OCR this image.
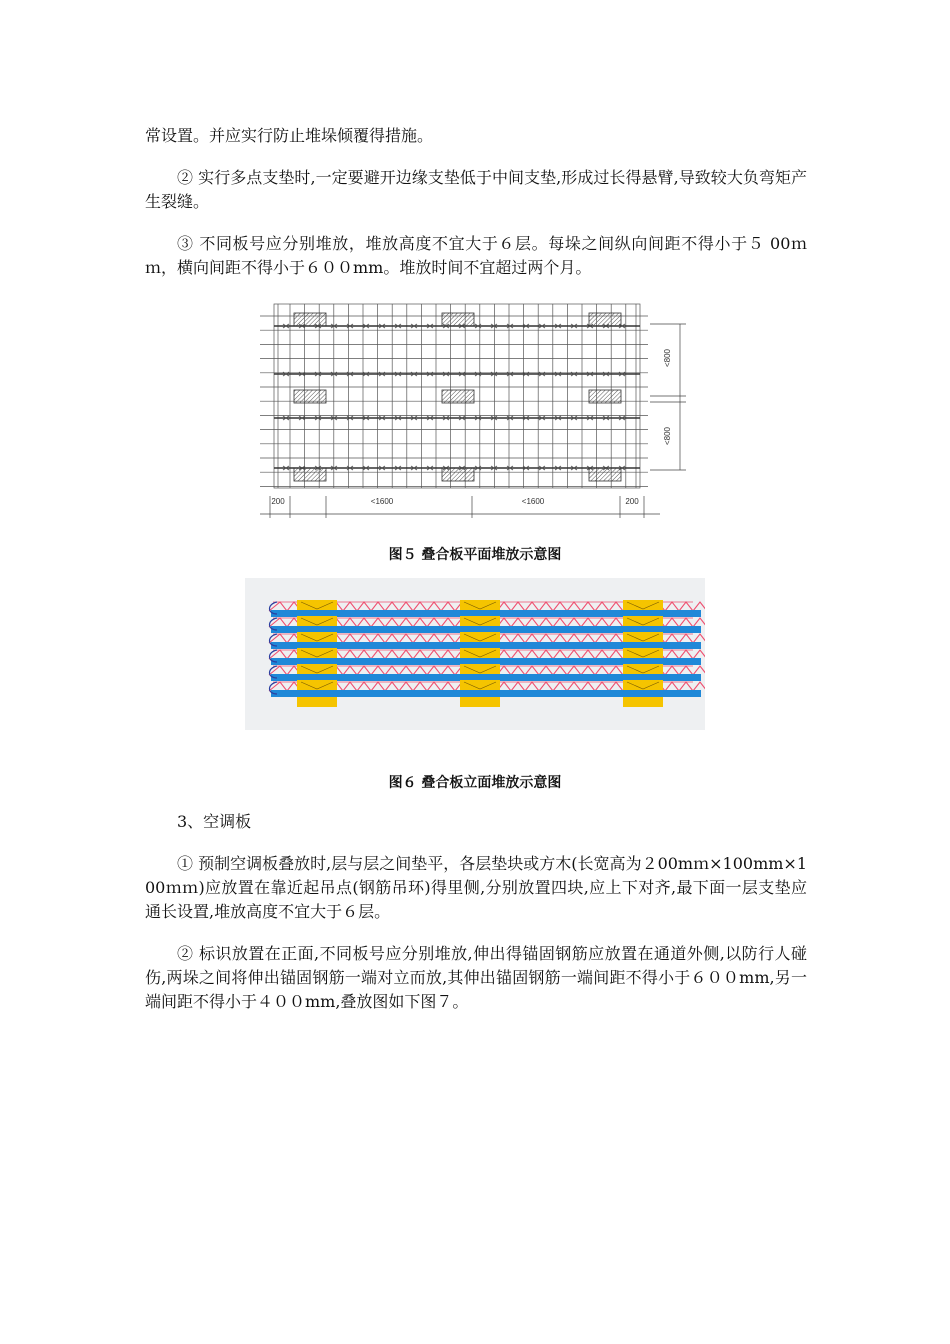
常设置。并应实行防止堆垛倾覆得措施。

② 实行多点支垫时,一定要避开边缘支垫低于中间支垫,形成过长得悬臂,导致较大负弯矩产生裂缝。

③ 不同板号应分别堆放，堆放高度不宜大于６层。每垛之间纵向间距不得小于５ 00ｍｍ，横向间距不得小于６００mm。堆放时间不宜超过两个月。

200	<1600	<1600	200
<800
<800

图５ 叠合板平面堆放示意图

图６ 叠合板立面堆放示意图

3、空调板

① 预制空调板叠放时,层与层之间垫平，各层垫块或方木(长宽高为２00mｍ×100mm×100ｍｍ)应放置在靠近起吊点(钢筋吊环)得里侧,分别放置四块,应上下对齐,最下面一层支垫应通长设置,堆放高度不宜大于６层。

② 标识放置在正面,不同板号应分别堆放,伸出得锚固钢筋应放置在通道外侧,以防行人碰伤,两垛之间将伸出锚固钢筋一端对立而放,其伸出锚固钢筋一端间距不得小于６００mm,另一端间距不得小于４００mm,叠放图如下图７。
